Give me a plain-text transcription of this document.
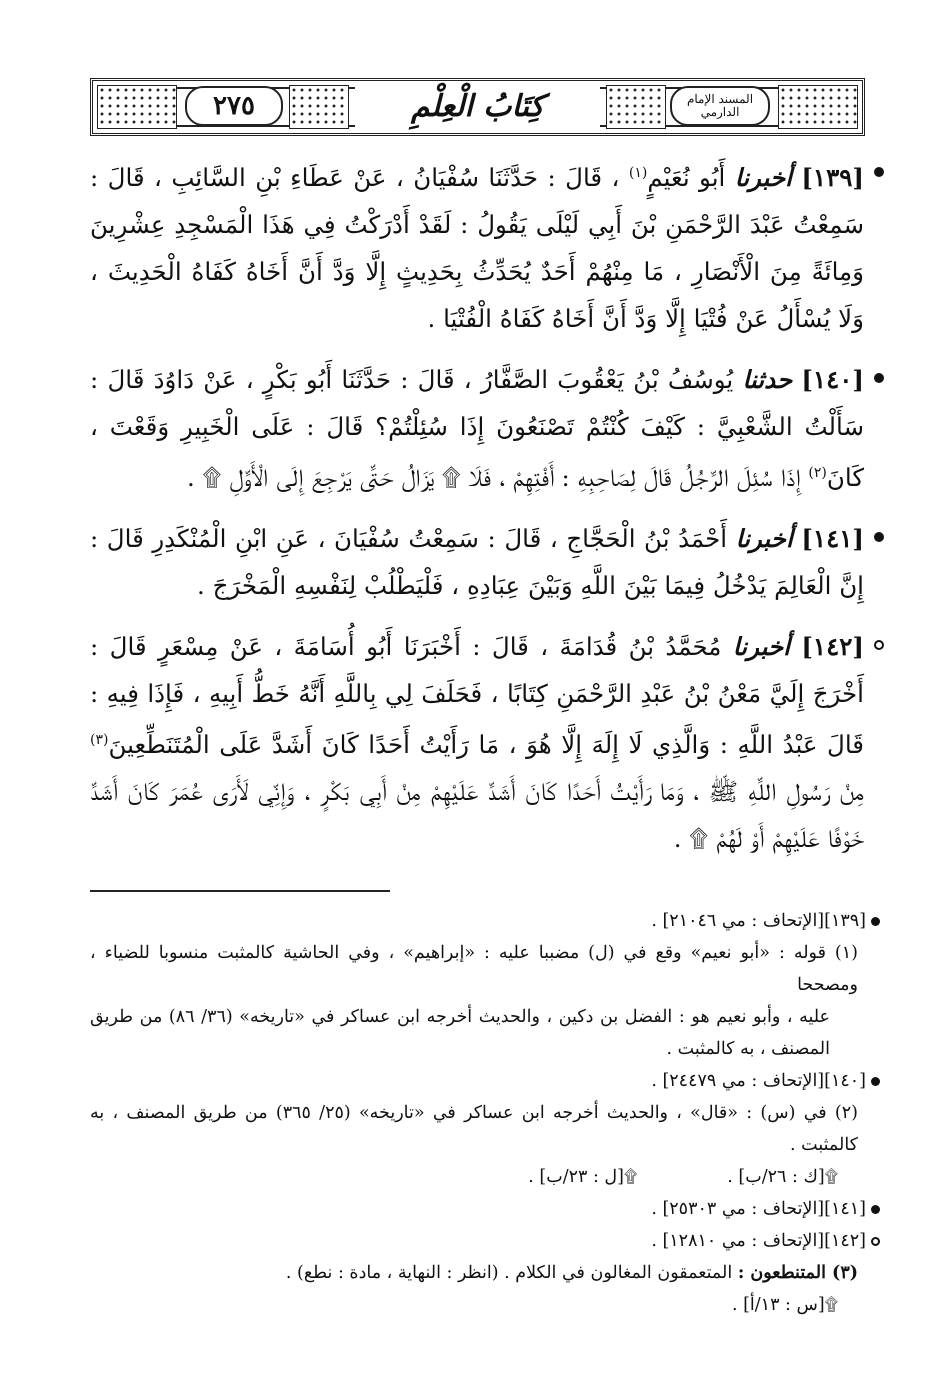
٢٧٥	المسند الإمام الدارمي
كِتَابُ الْعِلْمِ

[١٣٩] أخبرنا أَبُو نُعَيْمٍ$^{(١)}$ ، قَالَ : حَدَّثَنَا سُفْيَانُ ، عَنْ عَطَاءِ بْنِ السَّائِبِ ، قَالَ : سَمِعْتُ عَبْدَ الرَّحْمَنِ بْنَ أَبِي لَيْلَى يَقُولُ : لَقَدْ أَدْرَكْتُ فِي هَذَا الْمَسْجِدِ عِشْرِينَ وَمِائَةً مِنَ الْأَنْصَارِ ، مَا مِنْهُمْ أَحَدٌ يُحَدِّثُ بِحَدِيثٍ إِلَّا وَدَّ أَنَّ أَخَاهُ كَفَاهُ الْحَدِيثَ ، وَلَا يُسْأَلُ عَنْ فُتْيَا إِلَّا وَدَّ أَنَّ أَخَاهُ كَفَاهُ الْفُتْيَا .

[١٤٠] حدثنا يُوسُفُ بْنُ يَعْقُوبَ الصَّفَّارُ ، قَالَ : حَدَّثَنَا أَبُو بَكْرٍ ، عَنْ دَاوُدَ قَالَ : سَأَلْتُ الشَّعْبِيَّ : كَيْفَ كُنْتُمْ تَصْنَعُونَ إِذَا سُئِلْتُمْ؟ قَالَ : عَلَى الْخَبِيرِ وَقَعْتَ ، كَانَ$^{(٢)}$ إِذَا سُئِلَ الرَّجُلُ قَالَ لِصَاحِبِهِ : أَفْتِهِمْ ، فَلَا ۩ يَزَالُ حَتَّى يَرْجِعَ إِلَى الْأَوَّلِ ۩ .

[١٤١] أخبرنا أَحْمَدُ بْنُ الْحَجَّاجِ ، قَالَ : سَمِعْتُ سُفْيَانَ ، عَنِ ابْنِ الْمُنْكَدِرِ قَالَ : إِنَّ الْعَالِمَ يَدْخُلُ فِيمَا بَيْنَ اللَّهِ وَبَيْنَ عِبَادِهِ ، فَلْيَطْلُبْ لِنَفْسِهِ الْمَخْرَجَ .

[١٤٢] أخبرنا مُحَمَّدُ بْنُ قُدَامَةَ ، قَالَ : أَخْبَرَنَا أَبُو أُسَامَةَ ، عَنْ مِسْعَرٍ قَالَ : أَخْرَجَ إِلَيَّ مَعْنُ بْنُ عَبْدِ الرَّحْمَنِ كِتَابًا ، فَحَلَفَ لِي بِاللَّهِ أَنَّهُ خَطُّ أَبِيهِ ، فَإِذَا فِيهِ : قَالَ عَبْدُ اللَّهِ : وَالَّذِي لَا إِلَهَ إِلَّا هُوَ ، مَا رَأَيْتُ أَحَدًا كَانَ أَشَدَّ عَلَى الْمُتَنَطِّعِينَ$^{(٣)}$ مِنْ رَسُولِ اللَّهِ ﷺ ، وَمَا رَأَيْتُ أَحَدًا كَانَ أَشَدَّ عَلَيْهِمْ مِنْ أَبِي بَكْرٍ ، وَإِنِّي لَأَرَى عُمَرَ كَانَ أَشَدَّ خَوْفًا عَلَيْهِمْ أَوْ لَهُمْ ۩ .

[١٣٩][الإتحاف : مي ٢١٠٤٦] .

(١) قوله : «أبو نعيم» وقع في (ل) مضببا عليه : «إبراهيم» ، وفي الحاشية كالمثبت منسوبا للضياء ، ومصححا
عليه ، وأبو نعيم هو : الفضل بن دكين ، والحديث أخرجه ابن عساكر في «تاريخه» (٣٦/ ٨٦) من طريق المصنف ، به كالمثبت .

[١٤٠][الإتحاف : مي ٢٤٤٧٩] .

(٢) في (س) : «قال» ، والحديث أخرجه ابن عساكر في «تاريخه» (٢٥/ ٣٦٥) من طريق المصنف ، به كالمثبت .

۩[ك : ٢٦/ب] .
۩[ل : ٢٣/ب] .

[١٤١][الإتحاف : مي ٢٥٣٠٣] .

[١٤٢][الإتحاف : مي ١٢٨١٠] .

(٣) المتنطعون : المتعمقون المغالون في الكلام . (انظر : النهاية ، مادة : نطع) .

۩[س : ١٣/أ] .
